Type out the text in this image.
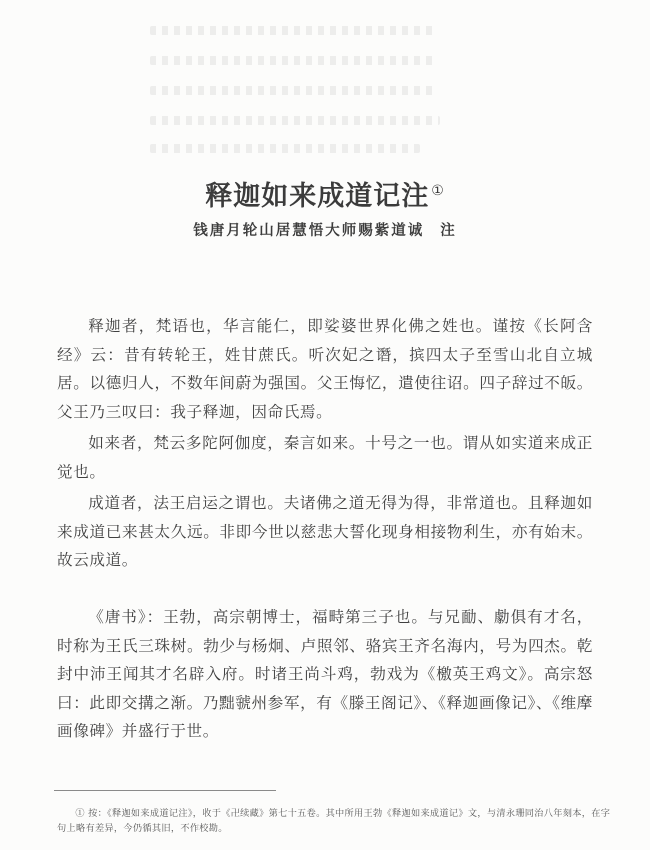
释迦如来成道记注 ①
钱唐月轮山居慧悟大师赐紫道诚 注

释迦者，梵语也，华言能仁，即娑婆世界化佛之姓也。谨按《长阿含经》云：昔有转轮王，姓甘蔗氏。听次妃之谮，摈四太子至雪山北自立城居。以德归人，不数年间蔚为强国。父王悔忆，遣使往诏。四子辞过不皈。父王乃三叹曰：我子释迦，因命氏焉。

如来者，梵云多陀阿伽度，秦言如来。十号之一也。谓从如实道来成正觉也。

成道者，法王启运之谓也。夫诸佛之道无得为得，非常道也。且释迦如来成道已来甚太久远。非即今世以慈悲大誓化现身相接物利生，亦有始末。故云成道。

《唐书》：王勃，高宗朝博士，福畤第三子也。与兄勔、勮俱有才名，时称为王氏三珠树。勃少与杨炯、卢照邻、骆宾王齐名海内，号为四杰。乾封中沛王闻其才名辟入府。时诸王尚斗鸡，勃戏为《檄英王鸡文》。高宗怒曰：此即交搆之渐。乃黜虢州参军，有《滕王阁记》、《释迦画像记》、《维摩画像碑》并盛行于世。

① 按：《释迦如来成道记注》，收于《卍续藏》第七十五卷。其中所用王勃《释迦如来成道记》文，与清永珊同治八年刻本，在字句上略有差异，今仍循其旧，不作校勘。
